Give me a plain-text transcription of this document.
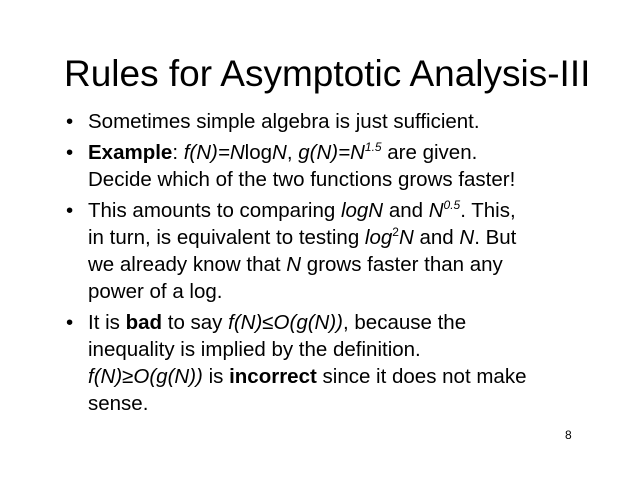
Rules for Asymptotic Analysis-III
• Sometimes simple algebra is just sufficient.
• Example: f(N)=NlogN, $g(N)=N^{1.5}$ are given.
Decide which of the two functions grows faster!
• This amounts to comparing logN and $N^{0.5}$. This,
in turn, is equivalent to testing $\log^2N$ and N. But
we already know that N grows faster than any
power of a log.
• It is bad to say f(N)≤O(g(N)), because the
inequality is implied by the definition.
f(N)≥O(g(N)) is incorrect since it does not make
sense.
8
